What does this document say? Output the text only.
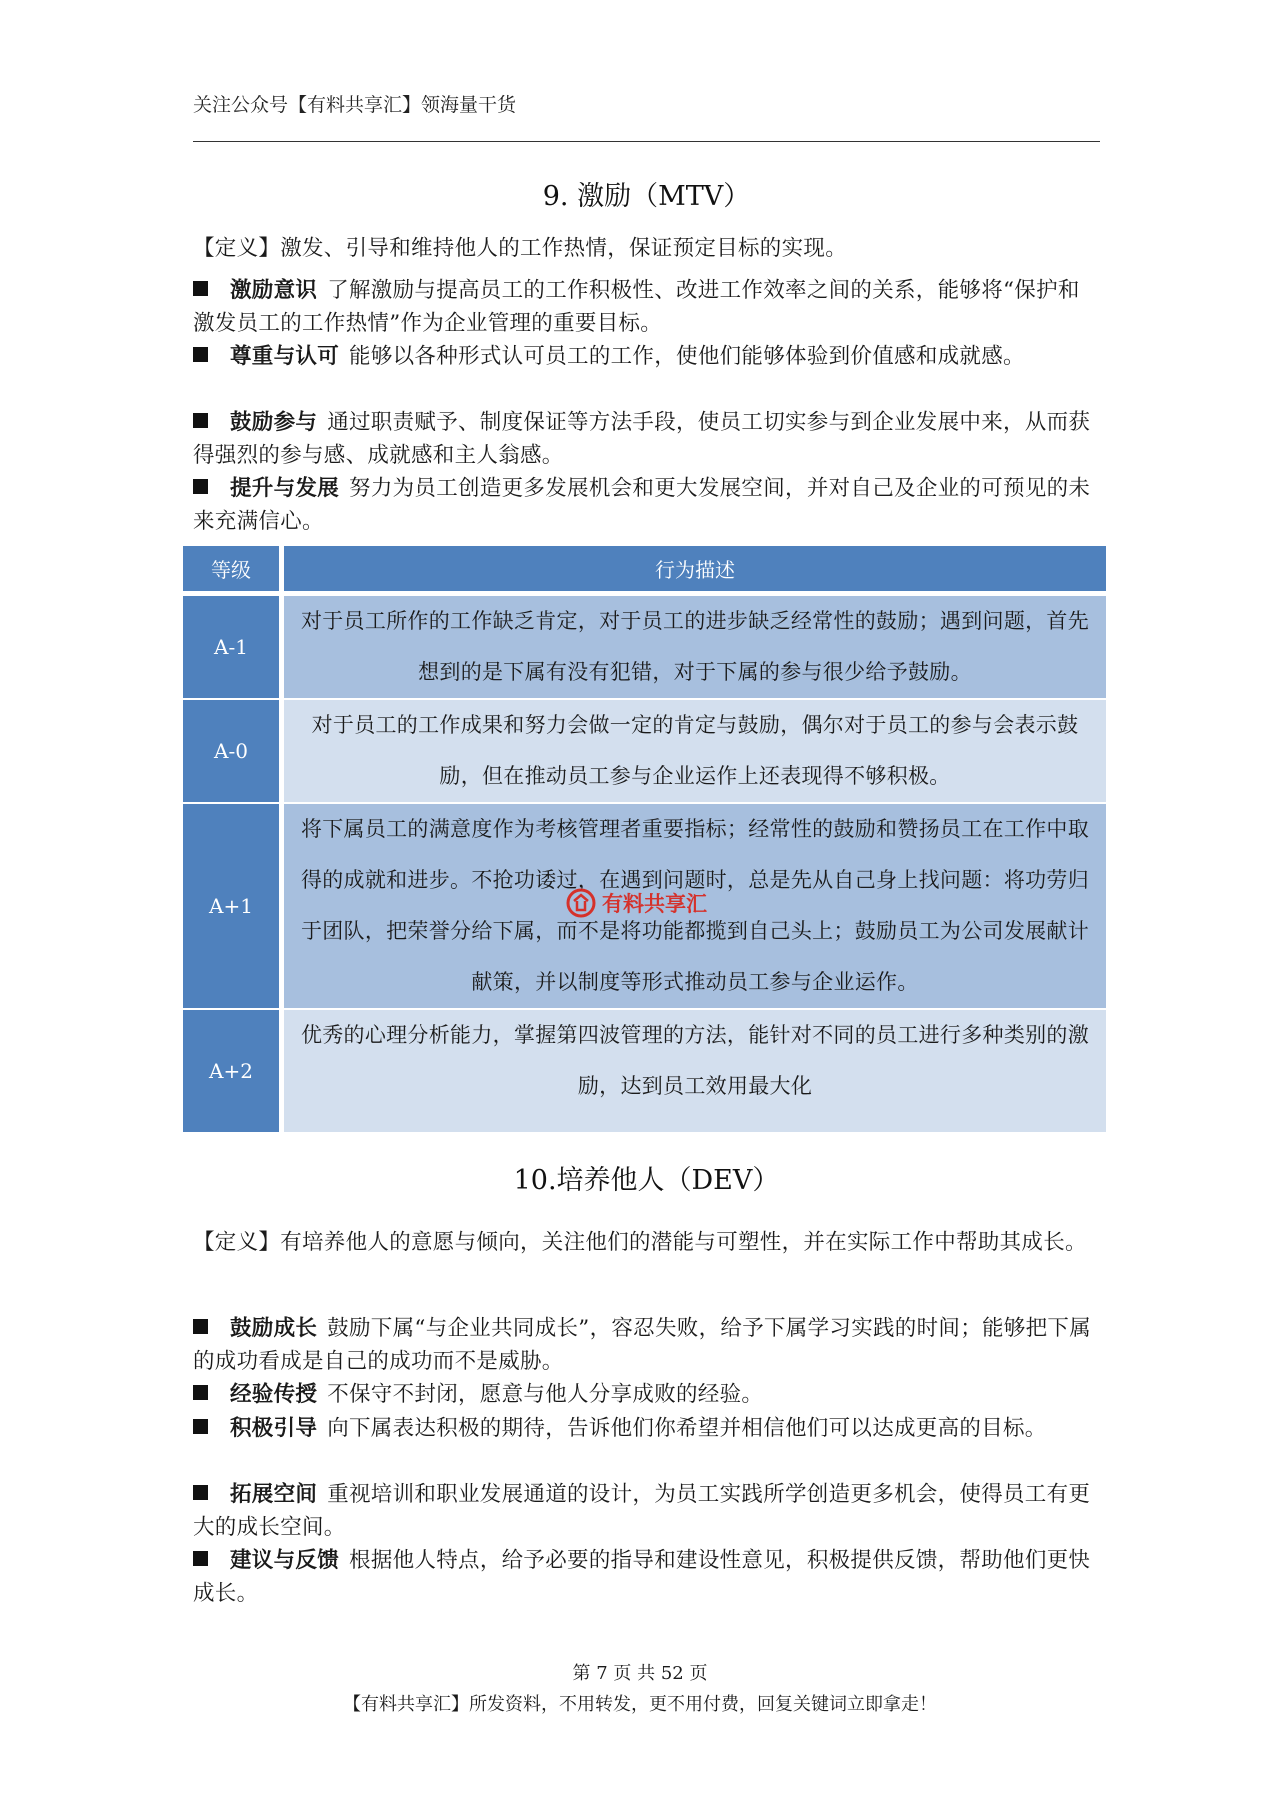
关注公众号【有料共享汇】领海量干货
9. 激励（MTV）
【定义】激发、引导和维持他人的工作热情，保证预定目标的实现。
激励意识 了解激励与提高员工的工作积极性、改进工作效率之间的关系，能够将“保护和激发员工的工作热情”作为企业管理的重要目标。
尊重与认可 能够以各种形式认可员工的工作，使他们能够体验到价值感和成就感。
鼓励参与 通过职责赋予、制度保证等方法手段，使员工切实参与到企业发展中来，从而获得强烈的参与感、成就感和主人翁感。
提升与发展 努力为员工创造更多发展机会和更大发展空间，并对自己及企业的可预见的未来充满信心。
等级	行为描述
A-1	对于员工所作的工作缺乏肯定，对于员工的进步缺乏经常性的鼓励；遇到问题，首先想到的是下属有没有犯错，对于下属的参与很少给予鼓励。
A-0	对于员工的工作成果和努力会做一定的肯定与鼓励，偶尔对于员工的参与会表示鼓励，但在推动员工参与企业运作上还表现得不够积极。
A+1	将下属员工的满意度作为考核管理者重要指标；经常性的鼓励和赞扬员工在工作中取得的成就和进步。不抢功诿过，在遇到问题时，总是先从自己身上找问题：将功劳归于团队，把荣誉分给下属，而不是将功能都揽到自己头上；鼓励员工为公司发展献计献策，并以制度等形式推动员工参与企业运作。
A+2	优秀的心理分析能力，掌握第四波管理的方法，能针对不同的员工进行多种类别的激励，达到员工效用最大化
有料共享汇
10.培养他人（DEV）
【定义】有培养他人的意愿与倾向，关注他们的潜能与可塑性，并在实际工作中帮助其成长。
鼓励成长 鼓励下属“与企业共同成长”，容忍失败，给予下属学习实践的时间；能够把下属的成功看成是自己的成功而不是威胁。
经验传授 不保守不封闭，愿意与他人分享成败的经验。
积极引导 向下属表达积极的期待，告诉他们你希望并相信他们可以达成更高的目标。
拓展空间 重视培训和职业发展通道的设计，为员工实践所学创造更多机会，使得员工有更大的成长空间。
建议与反馈 根据他人特点，给予必要的指导和建设性意见，积极提供反馈，帮助他们更快成长。
第 7 页 共 52 页
【有料共享汇】所发资料，不用转发，更不用付费，回复关键词立即拿走！
